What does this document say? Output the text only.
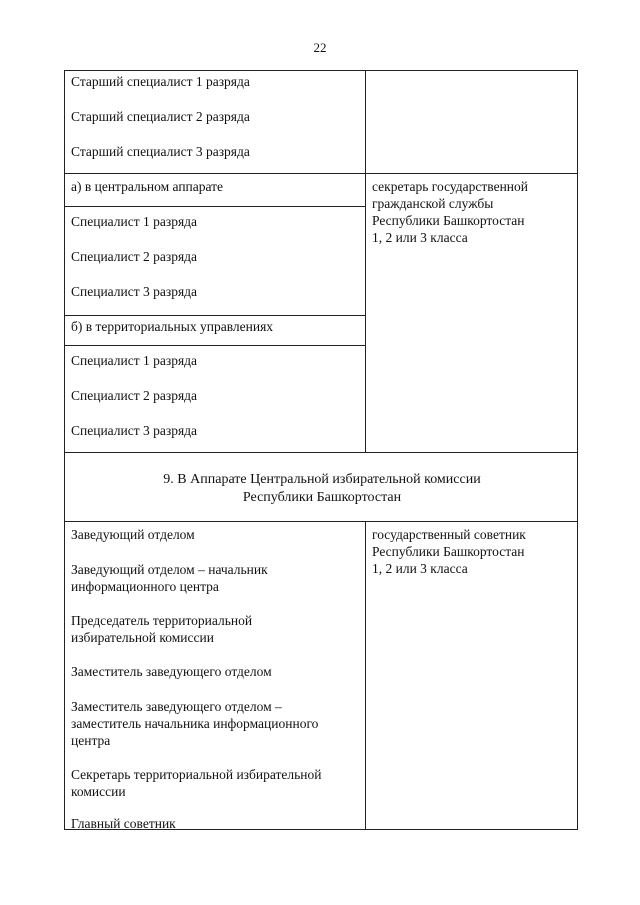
22
Старший специалист 1 разряда
Старший специалист 2 разряда
Старший специалист 3 разряда
а) в центральном аппарате
Специалист 1 разряда
Специалист 2 разряда
Специалист 3 разряда
б) в территориальных управлениях
Специалист 1 разряда
Специалист 2 разряда
Специалист 3 разряда
секретарь государственной
гражданской службы
Республики Башкортостан
1, 2 или 3 класса
9. В Аппарате Центральной избирательной комиссии
Республики Башкортостан
Заведующий отделом
Заведующий отделом – начальник
информационного центра
Председатель территориальной
избирательной комиссии
Заместитель заведующего отделом
Заместитель заведующего отделом –
заместитель начальника информационного
центра
Секретарь территориальной избирательной
комиссии
Главный советник
государственный советник
Республики Башкортостан
1, 2 или 3 класса
